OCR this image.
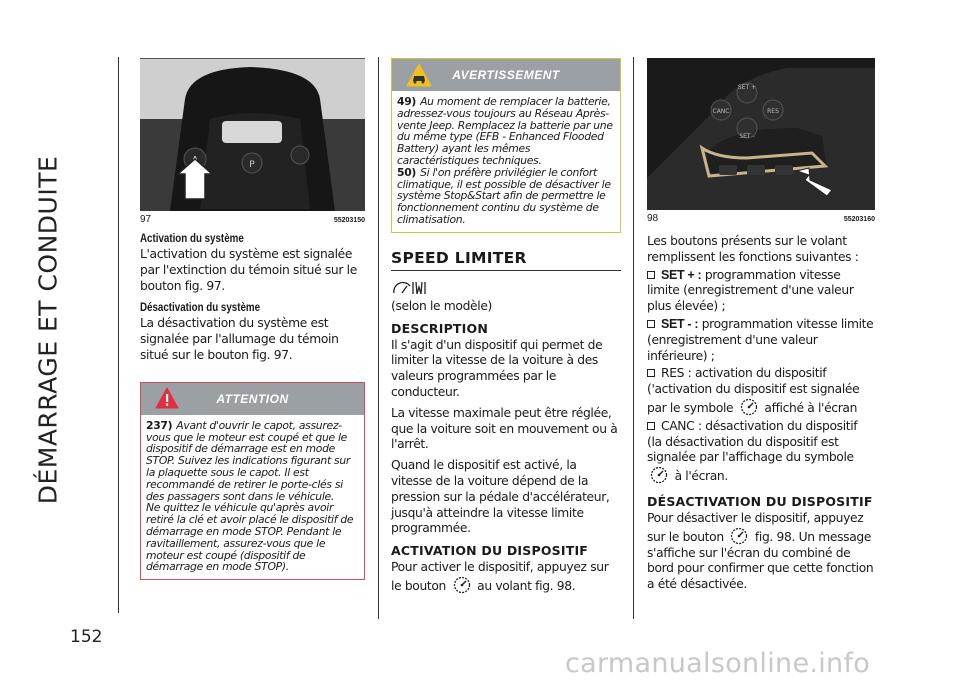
DÉMARRAGE ET CONDUITE
152
P
97	55203150
Activation du système

L'activation du système est signalée par l'extinction du témoin situé sur le bouton fig. 97.

Désactivation du système

La désactivation du système est signalée par l'allumage du témoin situé sur le bouton fig. 97.

ATTENTION
237) Avant d'ouvrir le capot, assurez-vous que le moteur est coupé et que le dispositif de démarrage est en mode STOP. Suivez les indications figurant sur la plaquette sous le capot. Il est recommandé de retirer le porte-clés si des passagers sont dans le véhicule.
Ne quittez le véhicule qu'après avoir retiré la clé et avoir placé le dispositif de démarrage en mode STOP. Pendant le ravitaillement, assurez-vous que le moteur est coupé (dispositif de démarrage en mode STOP).
AVERTISSEMENT
49) Au moment de remplacer la batterie, adressez-vous toujours au Réseau Après-vente Jeep. Remplacez la batterie par une du même type (EFB - Enhanced Flooded Battery) ayant les mêmes caractéristiques techniques.
50) Si l'on préfère privilégier le confort climatique, il est possible de désactiver le système Stop&Start afin de permettre le fonctionnement continu du système de climatisation.
SPEED LIMITER

(selon le modèle)

DESCRIPTION

Il s'agit d'un dispositif qui permet de limiter la vitesse de la voiture à des valeurs programmées par le conducteur.

La vitesse maximale peut être réglée, que la voiture soit en mouvement ou à l'arrêt.

Quand le dispositif est activé, la vitesse de la voiture dépend de la pression sur la pédale d'accélérateur, jusqu'à atteindre la vitesse limite programmée.

ACTIVATION DU DISPOSITIF

Pour activer le dispositif, appuyez sur le bouton	au volant fig. 98.

SET +
SET -
CANC	RES
98	55203160

Les boutons présents sur le volant remplissent les fonctions suivantes :

SET + : programmation vitesse limite (enregistrement d'une valeur plus élevée) ;

SET - : programmation vitesse limite (enregistrement d'une valeur inférieure) ;

RES : activation du dispositif ('activation du dispositif est signalée par le symbole	affiché à l'écran

CANC : désactivation du dispositif (la désactivation du dispositif est signalée par l'affichage du symbole  à l'écran.

DÉSACTIVATION DU DISPOSITIF

Pour désactiver le dispositif, appuyez sur le bouton	fig. 98. Un message s'affiche sur l'écran du combiné de bord pour confirmer que cette fonction a été désactivée.

carmanualsonline.info
